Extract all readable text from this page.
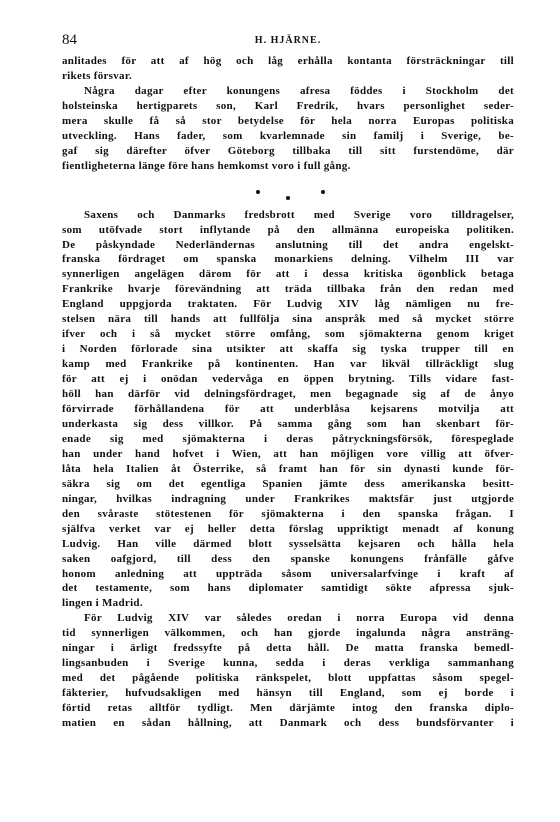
84	H. HJÄRNE.

anlitades för att af hög och låg erhålla kontanta försträckningar till
rikets försvar.

Några dagar efter konungens afresa föddes i Stockholm det
holsteinska hertigparets son, Karl Fredrik, hvars personlighet seder-
mera skulle få så stor betydelse för hela norra Europas politiska
utveckling. Hans fader, som kvarlemnade sin familj i Sverige, be-
gaf sig därefter öfver Göteborg tillbaka till sitt furstendöme, där
fientligheterna länge före hans hemkomst voro i full gång.

Saxens och Danmarks fredsbrott med Sverige voro tilldragelser,
som utöfvade stort inflytande på den allmänna europeiska politiken.
De påskyndade Nederländernas anslutning till det andra engelskt-
franska fördraget om spanska monarkiens delning. Vilhelm III var
synnerligen angelägen därom för att i dessa kritiska ögonblick betaga
Frankrike hvarje förevändning att träda tillbaka från den redan med
England uppgjorda traktaten. För Ludvig XIV låg nämligen nu fre-
stelsen nära till hands att fullfölja sina anspråk med så mycket större
ifver och i så mycket större omfång, som sjömakterna genom kriget
i Norden förlorade sina utsikter att skaffa sig tyska trupper till en
kamp med Frankrike på kontinenten. Han var likväl tillräckligt slug
för att ej i onödan vedervåga en öppen brytning. Tills vidare fast-
höll han därför vid delningsfördraget, men begagnade sig af de ånyo
förvirrade förhållandena för att underblåsa kejsarens motvilja att
underkasta sig dess villkor. På samma gång som han skenbart för-
enade sig med sjömakterna i deras påtryckningsförsök, förespeglade
han under hand hofvet i Wien, att han möjligen vore villig att öfver-
låta hela Italien åt Österrike, så framt han för sin dynasti kunde för-
säkra sig om det egentliga Spanien jämte dess amerikanska besitt-
ningar, hvilkas indragning under Frankrikes maktsfär just utgjorde
den svåraste stötestenen för sjömakterna i den spanska frågan. I
själfva verket var ej heller detta förslag uppriktigt menadt af konung
Ludvig. Han ville därmed blott sysselsätta kejsaren och hålla hela
saken oafgjord, till dess den spanske konungens frånfälle gåfve
honom anledning att uppträda såsom universalarfvinge i kraft af
det testamente, som hans diplomater samtidigt sökte afpressa sjuk-
lingen i Madrid.

För Ludvig XIV var således oredan i norra Europa vid denna
tid synnerligen välkommen, och han gjorde ingalunda några ansträng-
ningar i ärligt fredssyfte på detta håll. De matta franska bemedl-
lingsanbuden i Sverige kunna, sedda i deras verkliga sammanhang
med det pågående politiska ränkspelet, blott uppfattas såsom spegel-
fäkterier, hufvudsakligen med hänsyn till England, som ej borde i
förtid retas alltför tydligt. Men därjämte intog den franska diplo-
matien en sådan hållning, att Danmark och dess bundsförvanter i
